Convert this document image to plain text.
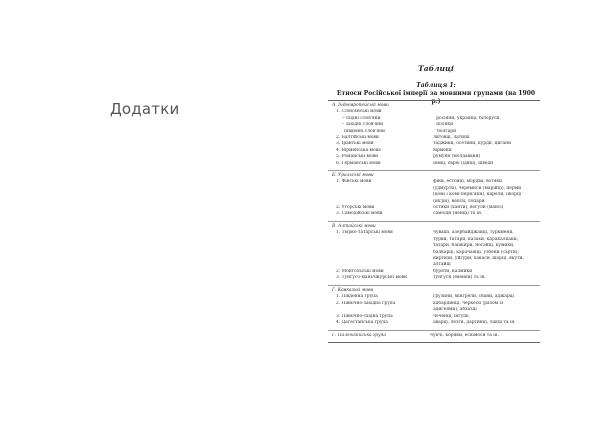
Додатки
Таблиці
Таблиця 1:
Етноси Російської імперії за мовними групами (на 1900 р.)
А. Індоєвропейські мови
1. Слов'янські мови
– східні слов'яни	росіяни, українці, білоруси
– західні слов'яни	поляки
південні слов'яни	болгари
2. Балтійські мови	литовці, латиші
3. Іранські мови	таджики, осетини, курди, цигани
4. Вірменська мова	вірмени
5. Романські мови	румуни (молдавани)
6. Германські мови	німці, євреї (ідиш), шведи
Б. Уральські мови
1. Фінські мови	фіни, естонці, мордва, вотяки
(удмурти), черемиси (марійці), перми
(комі і комі-перм'яки), карели, іжорці
(інгри), вепси, лопари
2. Угорські мови	остяки (ханти), вогули (мансі)
3. Самодійські мови	самоїди (ненці) та ін.
В. Алтайські мови
1. Тюрко-татарські мови	чуваші, азербайджанці, туркмени,
турки, татари, казахи, каракалпаки,
татари, башкири, ногайці, кумики,
балкарці, карачаївці, узбеки (сарти),
киргизи, уйгури, хакаси, шорці, якути,
алтайці
2. Монгольські мови	буряти, калмики
3. Тунгусо-маньчжурські мови	тунгуси (евенки) та ін.
Г. Кавказькі мови
1. Південна група	грузини, мінгрели, свани, аджарці
2. Північно-західна група	кабардинці, черкеси (разом із
адигеями), абхазці
3. Північно-східна група	чеченці, інгуші
4. Дагестанська група	аварці, лезги, даргинці, лакці та ін.
Ґ. Палеоазійська група	чукчі, коряки, ескімоси та ін.
